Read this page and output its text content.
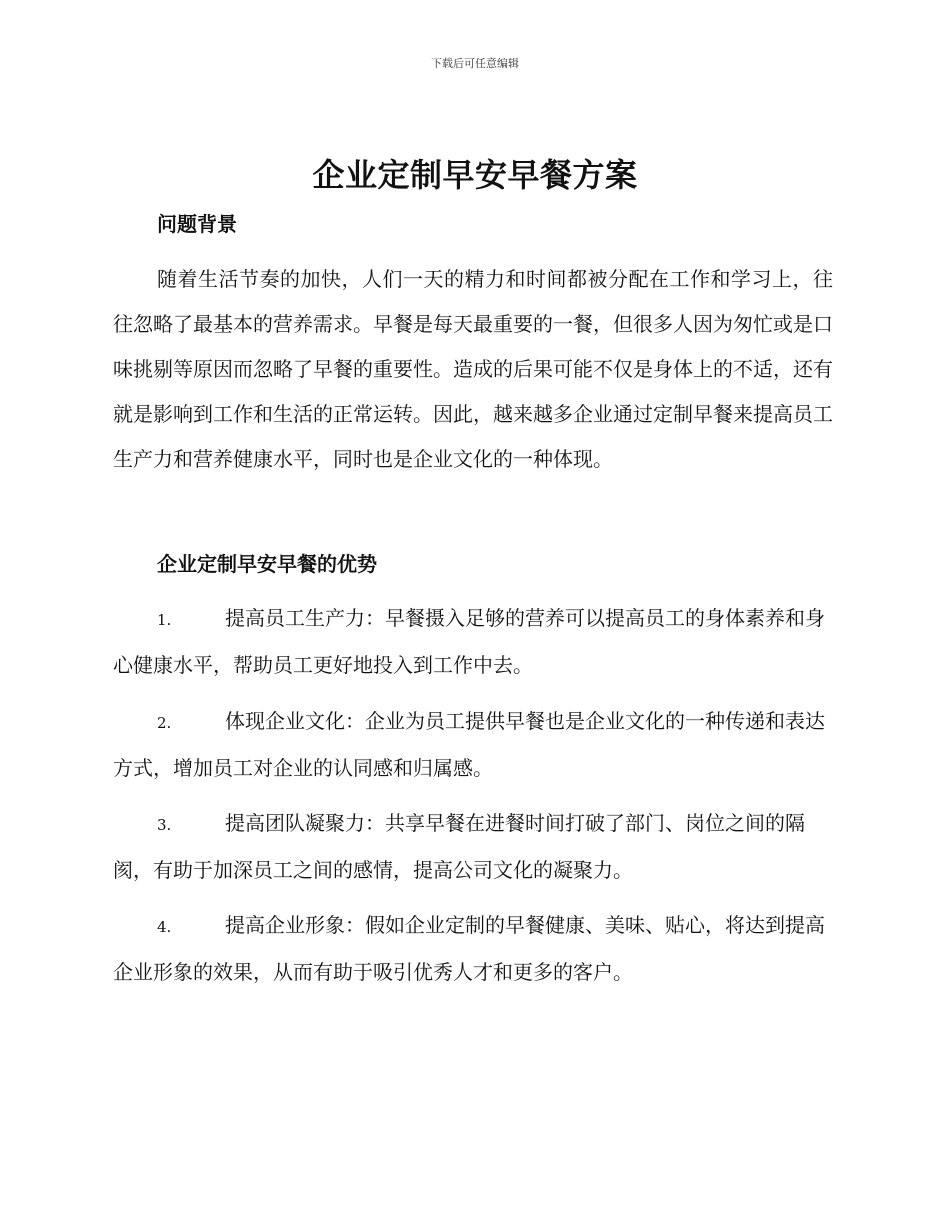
下载后可任意编辑
企业定制早安早餐方案
问题背景

随着生活节奏的加快，人们一天的精力和时间都被分配在工作和学习上，往往忽略了最基本的营养需求。早餐是每天最重要的一餐，但很多人因为匆忙或是口味挑剔等原因而忽略了早餐的重要性。造成的后果可能不仅是身体上的不适，还有就是影响到工作和生活的正常运转。因此，越来越多企业通过定制早餐来提高员工生产力和营养健康水平，同时也是企业文化的一种体现。

企业定制早安早餐的优势

1.	提高员工生产力：早餐摄入足够的营养可以提高员工的身体素养和身心健康水平，帮助员工更好地投入到工作中去。

2.	体现企业文化：企业为员工提供早餐也是企业文化的一种传递和表达方式，增加员工对企业的认同感和归属感。

3.	提高团队凝聚力：共享早餐在进餐时间打破了部门、岗位之间的隔阂，有助于加深员工之间的感情，提高公司文化的凝聚力。

4.	提高企业形象：假如企业定制的早餐健康、美味、贴心，将达到提高企业形象的效果，从而有助于吸引优秀人才和更多的客户。
